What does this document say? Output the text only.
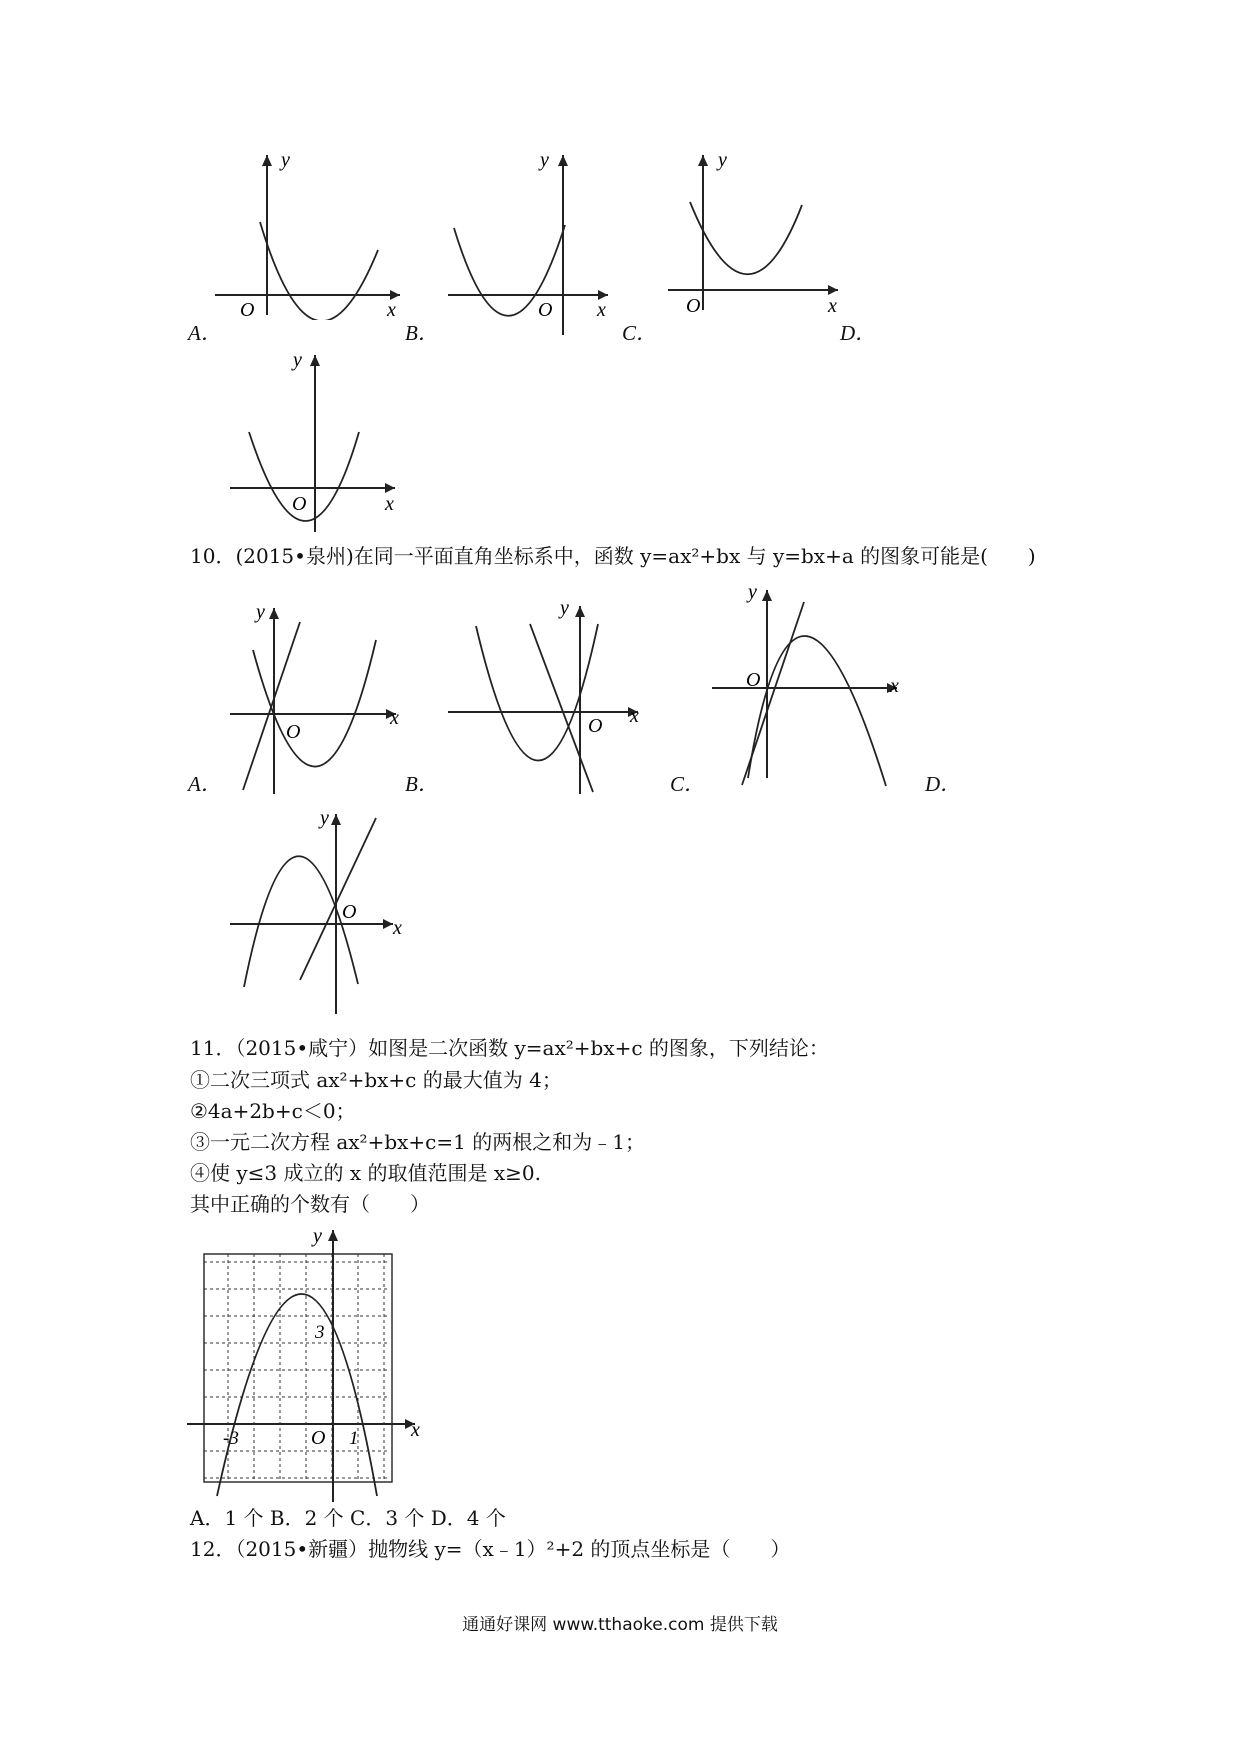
y
x
O
y
x
O
y
x
O
y
x
O
A．	B．	C．	D．
10．(2015•泉州)在同一平面直角坐标系中，函数 y=ax²+bx 与 y=bx+a 的图象可能是(　　)
y
x
O
y
x
O
y
x
O
y
x
O
A．	B．	C．	D．
11．（2015•咸宁）如图是二次函数 y=ax²+bx+c 的图象，下列结论：
①二次三项式 ax²+bx+c 的最大值为 4；
②4a+2b+c＜0；
③一元二次方程 ax²+bx+c=1 的两根之和为﹣1；
④使 y≤3 成立的 x 的取值范围是 x≥0.
其中正确的个数有（　　）
y
x
O
3
-3	1
A．1 个 B．2 个 C．3 个 D．4 个
12．（2015•新疆）抛物线 y=（x﹣1）²+2 的顶点坐标是（　　）
通通好课网 www.tthaoke.com 提供下载
